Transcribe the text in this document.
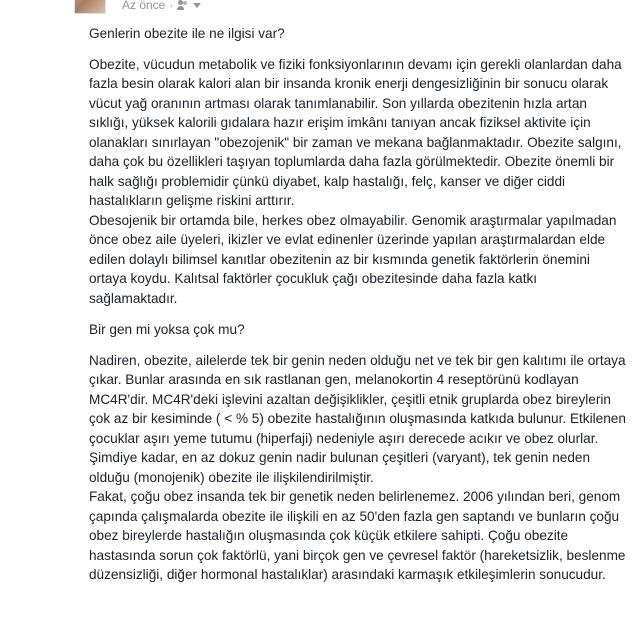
Az önce ·

Genlerin obezite ile ne ilgisi var?

Obezite, vücudun metabolik ve fiziki fonksiyonlarının devamı için gerekli olanlardan daha fazla besin olarak kalori alan bir insanda kronik enerji dengesizliğinin bir sonucu olarak vücut yağ oranının artması olarak tanımlanabilir. Son yıllarda obezitenin hızla artan sıklığı, yüksek kalorili gıdalara hazır erişim imkânı tanıyan ancak fiziksel aktivite için olanakları sınırlayan "obezojenik" bir zaman ve mekana bağlanmaktadır. Obezite salgını, daha çok bu özellikleri taşıyan toplumlarda daha fazla görülmektedir. Obezite önemli bir halk sağlığı problemidir çünkü diyabet, kalp hastalığı, felç, kanser ve diğer ciddi hastalıkların gelişme riskini arttırır.

Obesojenik bir ortamda bile, herkes obez olmayabilir. Genomik araştırmalar yapılmadan önce obez aile üyeleri, ikizler ve evlat edinenler üzerinde yapılan araştırmalardan elde edilen dolaylı bilimsel kanıtlar obezitenin az bir kısmında genetik faktörlerin önemini ortaya koydu. Kalıtsal faktörler çocukluk çağı obezitesinde daha fazla katkı sağlamaktadır.

Bir gen mi yoksa çok mu?

Nadiren, obezite, ailelerde tek bir genin neden olduğu net ve tek bir gen kalıtımı ile ortaya çıkar. Bunlar arasında en sık rastlanan gen, melanokortin 4 reseptörünü kodlayan MC4R'dir. MC4R'deki işlevini azaltan değişiklikler, çeşitli etnik gruplarda obez bireylerin çok az bir kesiminde ( < % 5) obezite hastalığının oluşmasında katkıda bulunur. Etkilenen çocuklar aşırı yeme tutumu (hiperfaji) nedeniyle aşırı derecede acıkır ve obez olurlar. Şimdiye kadar, en az dokuz genin nadir bulunan çeşitleri (varyant), tek genin neden olduğu (monojenik) obezite ile ilişkilendirilmiştir.

Fakat, çoğu obez insanda tek bir genetik neden belirlenemez. 2006 yılından beri, genom çapında çalışmalarda obezite ile ilişkili en az 50'den fazla gen saptandı ve bunların çoğu obez bireylerde hastalığın oluşmasında çok küçük etkilere sahipti. Çoğu obezite hastasında sorun çok faktörlü, yani birçok gen ve çevresel faktör (hareketsizlik, beslenme düzensizliği, diğer hormonal hastalıklar) arasındaki karmaşık etkileşimlerin sonucudur.
